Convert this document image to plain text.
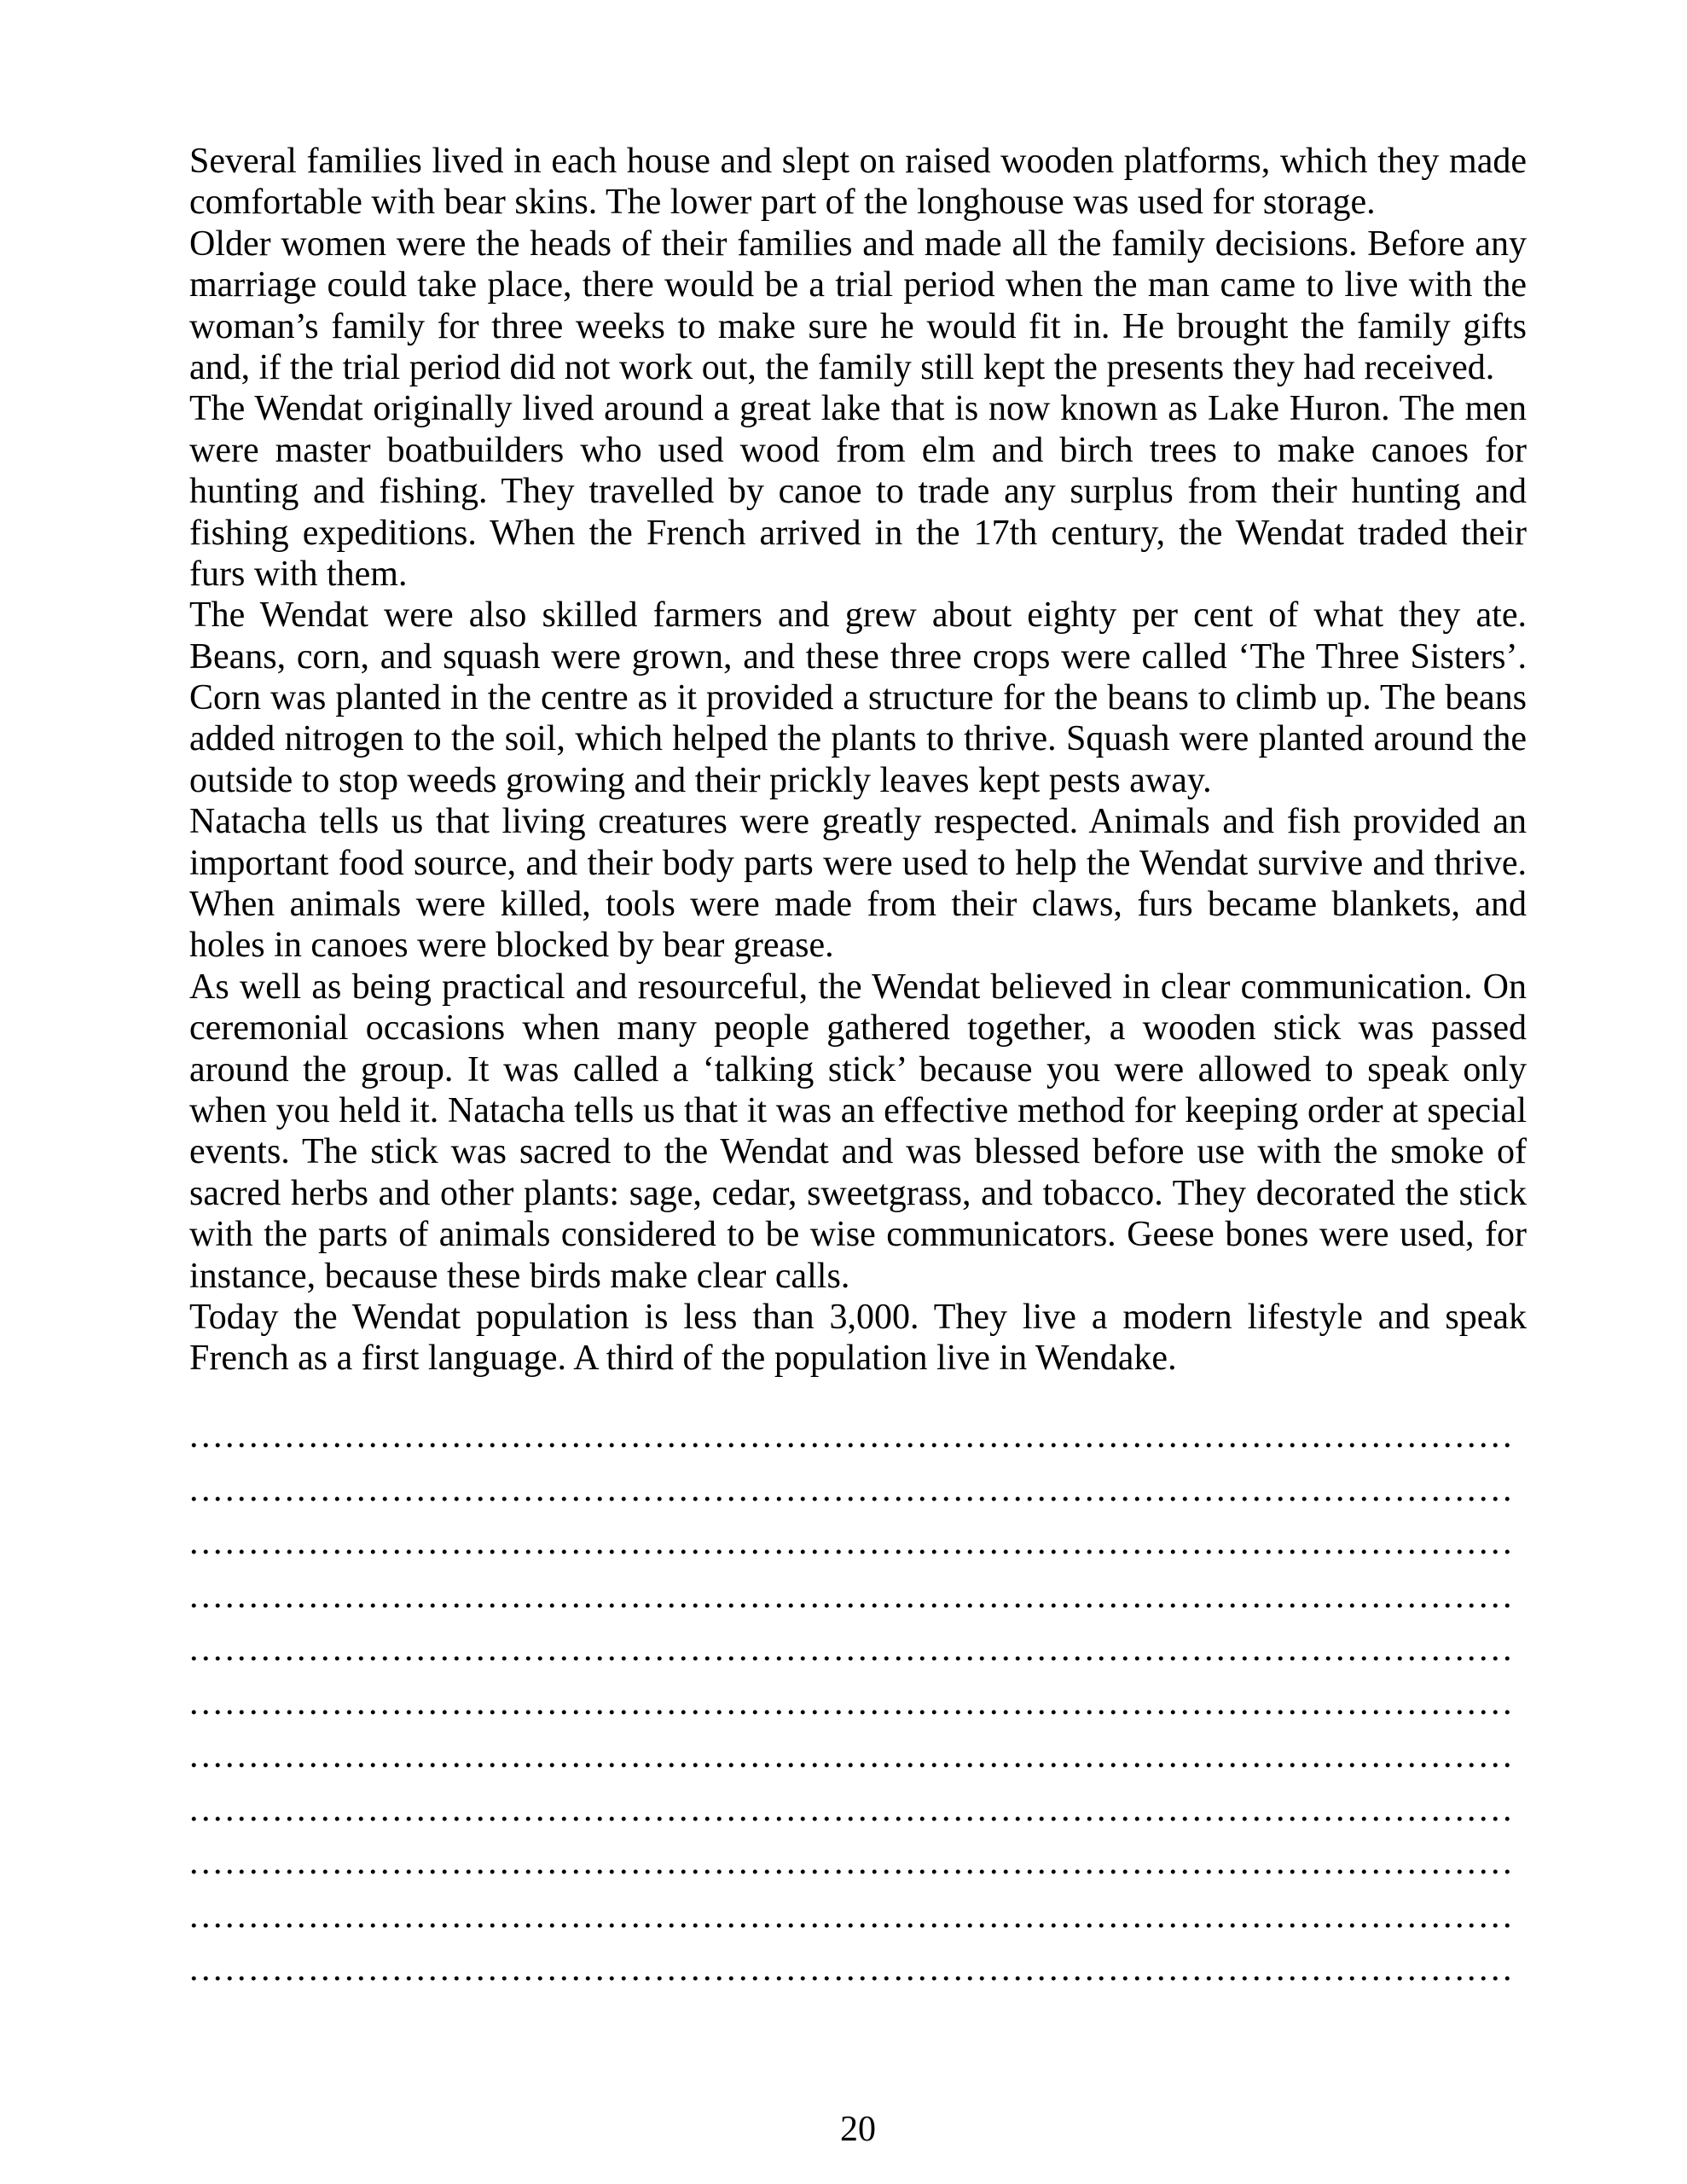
Several families lived in each house and slept on raised wooden platforms, which they made
comfortable with bear skins. The lower part of the longhouse was used for storage.
Older women were the heads of their families and made all the family decisions. Before any
marriage could take place, there would be a trial period when the man came to live with the
woman’s family for three weeks to make sure he would fit in. He brought the family gifts
and, if the trial period did not work out, the family still kept the presents they had received.
The Wendat originally lived around a great lake that is now known as Lake Huron. The men
were master boatbuilders who used wood from elm and birch trees to make canoes for
hunting and fishing. They travelled by canoe to trade any surplus from their hunting and
fishing expeditions. When the French arrived in the 17th century, the Wendat traded their
furs with them.
The Wendat were also skilled farmers and grew about eighty per cent of what they ate.
Beans, corn, and squash were grown, and these three crops were called ‘The Three Sisters’.
Corn was planted in the centre as it provided a structure for the beans to climb up. The beans
added nitrogen to the soil, which helped the plants to thrive. Squash were planted around the
outside to stop weeds growing and their prickly leaves kept pests away.
Natacha tells us that living creatures were greatly respected. Animals and fish provided an
important food source, and their body parts were used to help the Wendat survive and thrive.
When animals were killed, tools were made from their claws, furs became blankets, and
holes in canoes were blocked by bear grease.
As well as being practical and resourceful, the Wendat believed in clear communication. On
ceremonial occasions when many people gathered together, a wooden stick was passed
around the group. It was called a ‘talking stick’ because you were allowed to speak only
when you held it. Natacha tells us that it was an effective method for keeping order at special
events. The stick was sacred to the Wendat and was blessed before use with the smoke of
sacred herbs and other plants: sage, cedar, sweetgrass, and tobacco. They decorated the stick
with the parts of animals considered to be wise communicators. Geese bones were used, for
instance, because these birds make clear calls.
Today the Wendat population is less than 3,000. They live a modern lifestyle and speak
French as a first language. A third of the population live in Wendake.
...............................................................................................................
...............................................................................................................
...............................................................................................................
...............................................................................................................
...............................................................................................................
...............................................................................................................
...............................................................................................................
...............................................................................................................
...............................................................................................................
...............................................................................................................
...............................................................................................................
20
